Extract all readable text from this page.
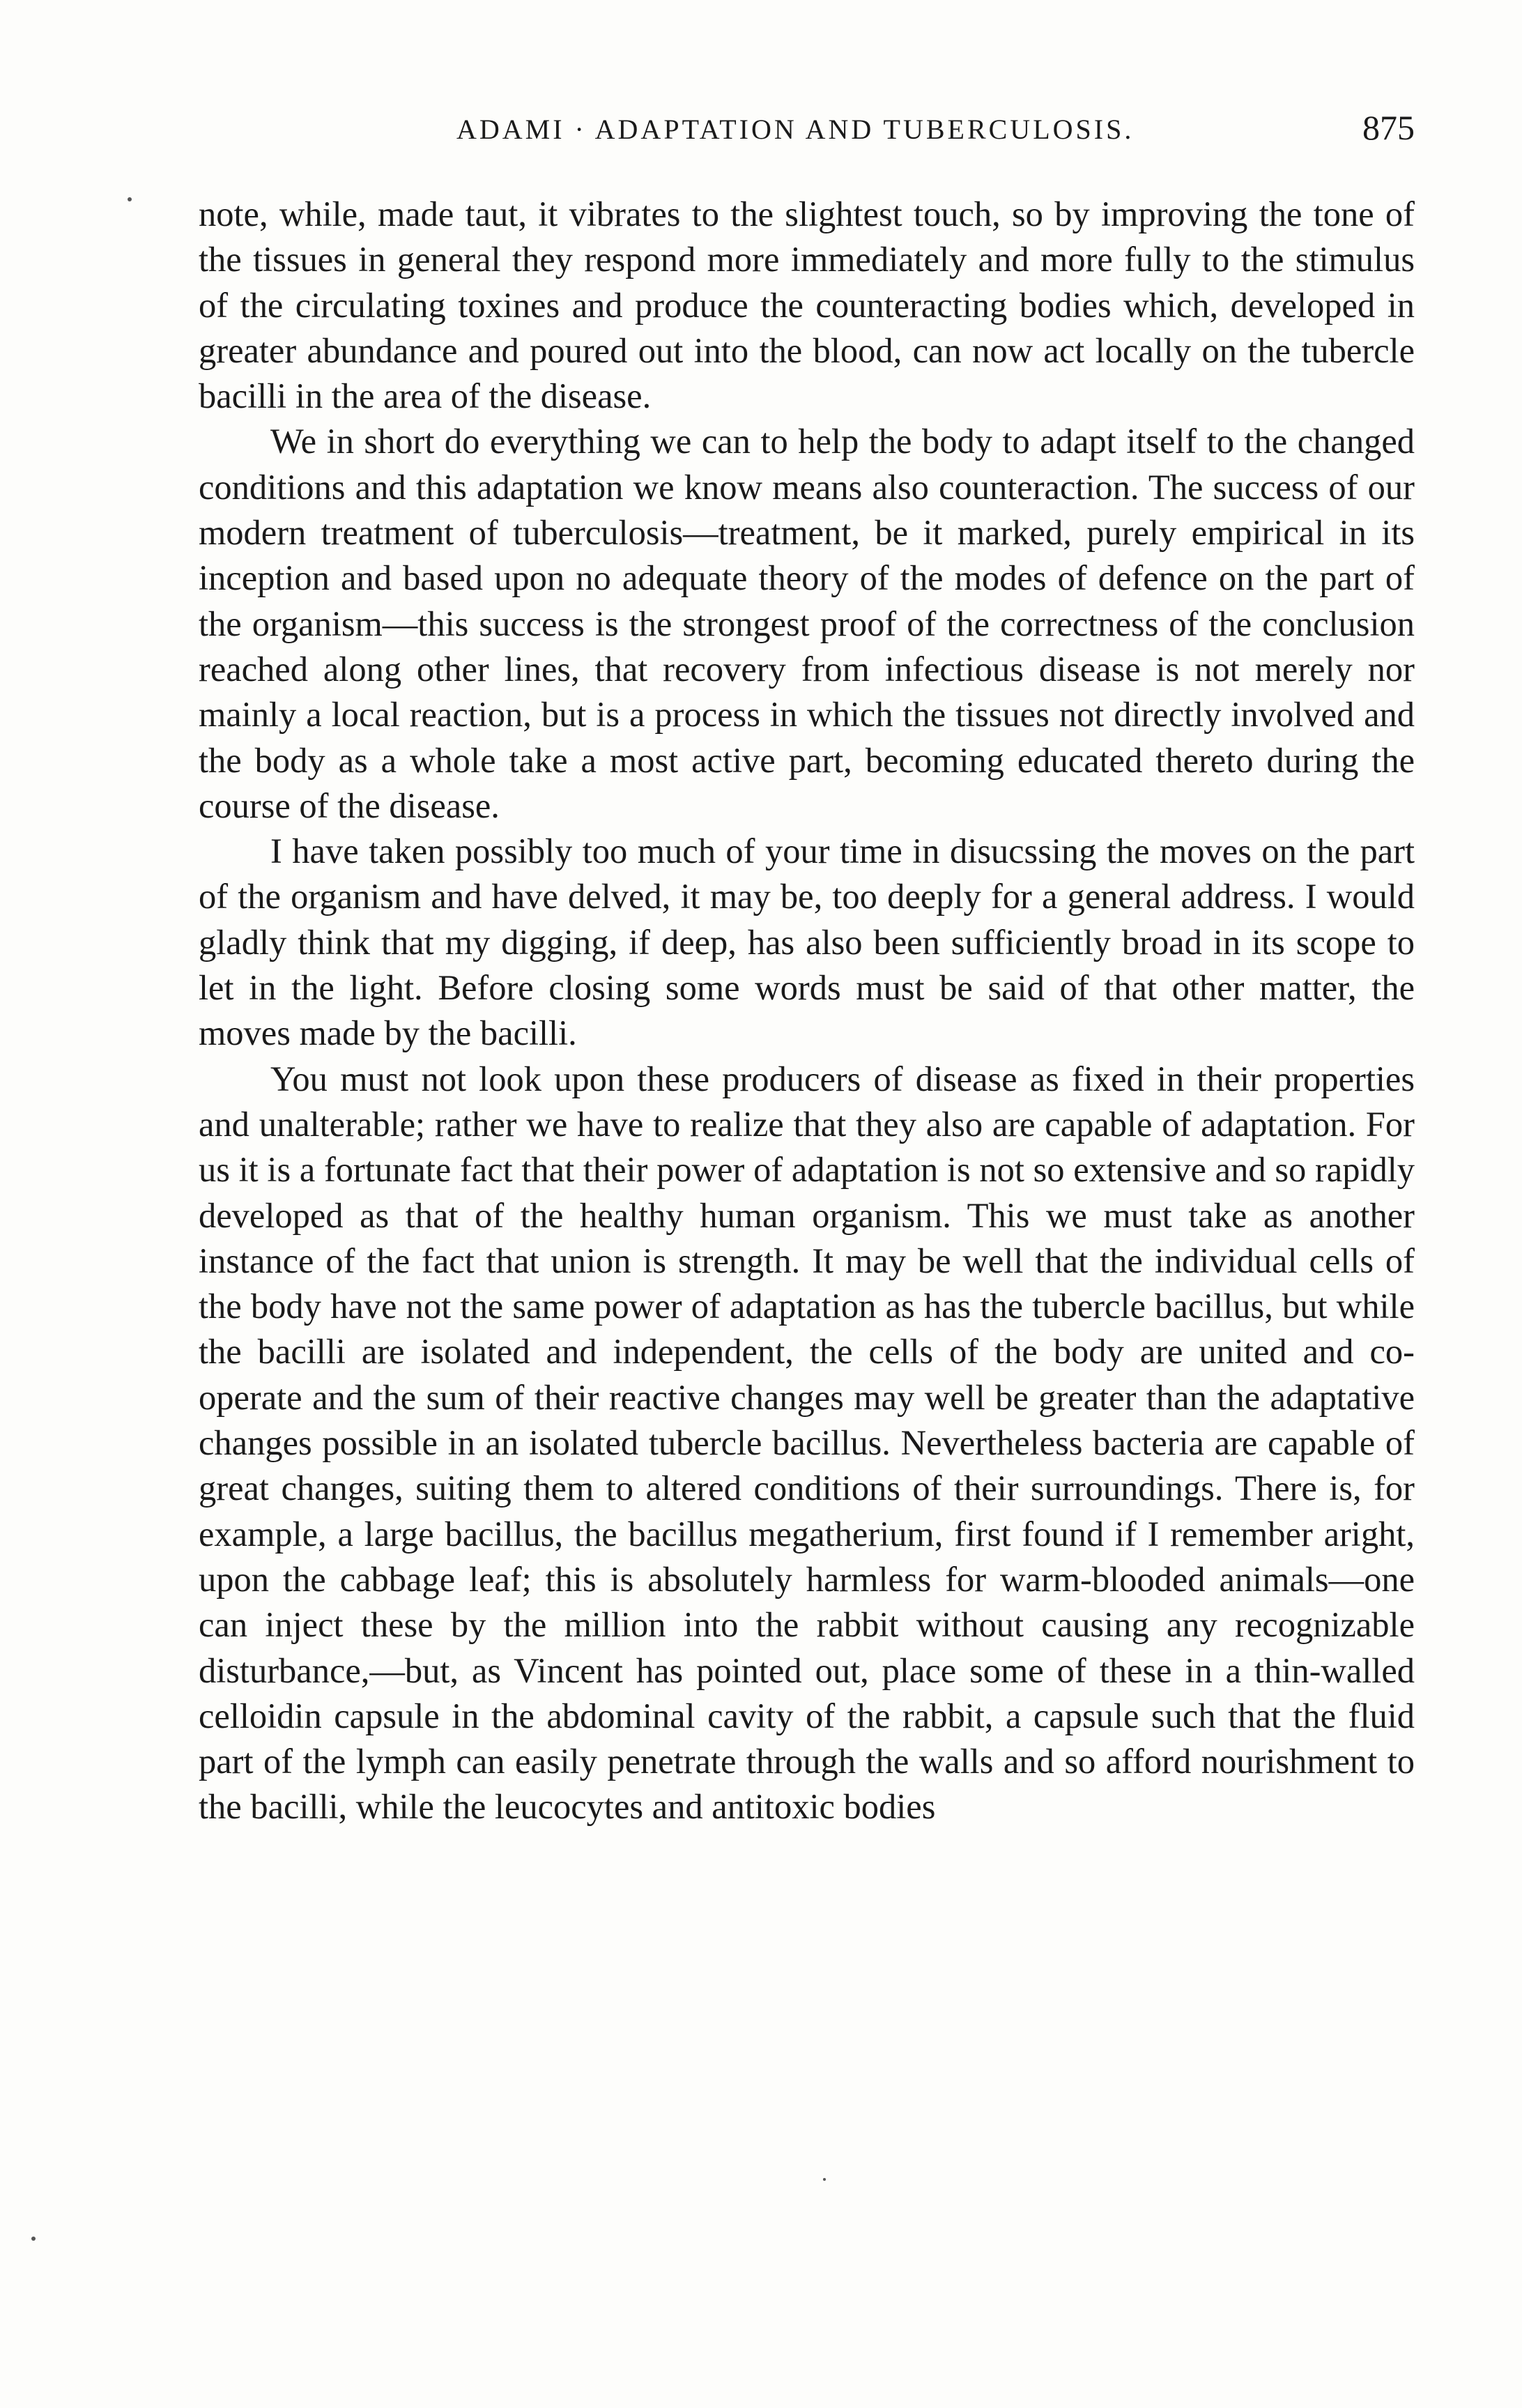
ADAMI · ADAPTATION AND TUBERCULOSIS.	875

note, while, made taut, it vibrates to the slightest touch, so by improving the tone of the tissues in general they respond more immediately and more fully to the stimulus of the circulating toxines and produce the counteracting bodies which, developed in greater abundance and poured out into the blood, can now act locally on the tubercle bacilli in the area of the disease.

We in short do everything we can to help the body to adapt itself to the changed conditions and this adaptation we know means also counteraction. The success of our modern treatment of tuberculosis—treatment, be it marked, purely empirical in its inception and based upon no adequate theory of the modes of defence on the part of the organism—this success is the strongest proof of the correctness of the conclusion reached along other lines, that recovery from infectious disease is not merely nor mainly a local reaction, but is a process in which the tissues not directly involved and the body as a whole take a most active part, becoming educated thereto during the course of the disease.

I have taken possibly too much of your time in disucssing the moves on the part of the organism and have delved, it may be, too deeply for a general address. I would gladly think that my digging, if deep, has also been sufficiently broad in its scope to let in the light. Before closing some words must be said of that other matter, the moves made by the bacilli.

You must not look upon these producers of disease as fixed in their properties and unalterable; rather we have to realize that they also are capable of adaptation. For us it is a fortunate fact that their power of adaptation is not so extensive and so rapidly developed as that of the healthy human organism. This we must take as another instance of the fact that union is strength. It may be well that the individual cells of the body have not the same power of adaptation as has the tubercle bacillus, but while the bacilli are isolated and independent, the cells of the body are united and co-operate and the sum of their reactive changes may well be greater than the adaptative changes possible in an isolated tubercle bacillus. Nevertheless bacteria are capable of great changes, suiting them to altered conditions of their surroundings. There is, for example, a large bacillus, the bacillus megatherium, first found if I remember aright, upon the cabbage leaf; this is absolutely harmless for warm-blooded animals—one can inject these by the million into the rabbit without causing any recognizable disturbance,—but, as Vincent has pointed out, place some of these in a thin-walled celloidin capsule in the abdominal cavity of the rabbit, a capsule such that the fluid part of the lymph can easily penetrate through the walls and so afford nourishment to the bacilli, while the leucocytes and antitoxic bodies
